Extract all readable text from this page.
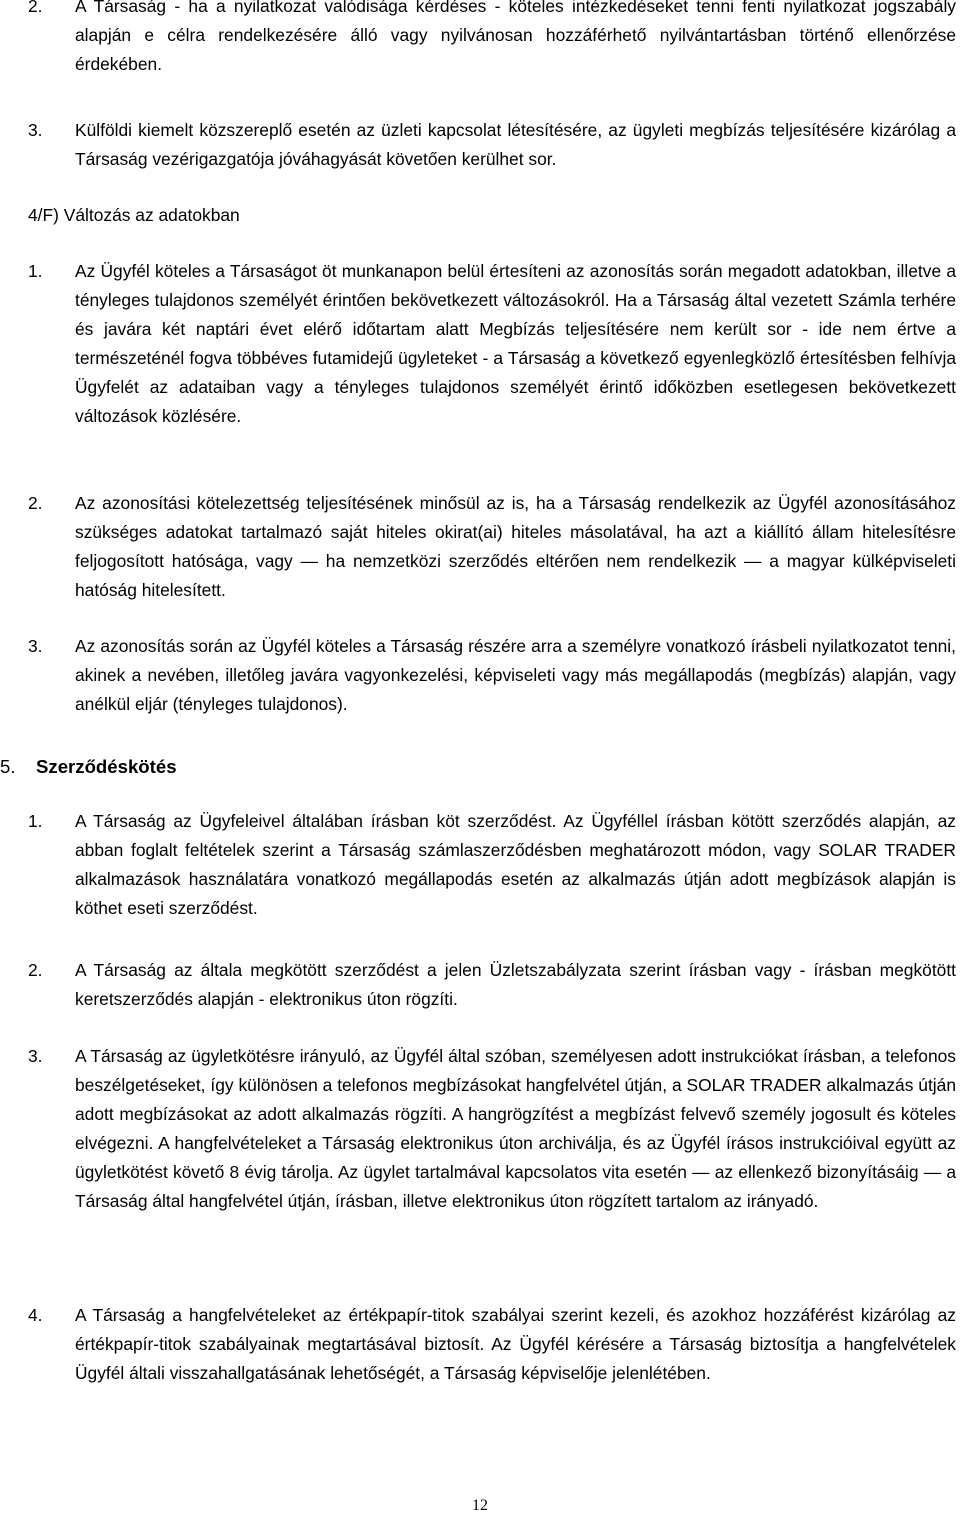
2. A Társaság - ha a nyilatkozat valódisága kérdéses - köteles intézkedéseket tenni fenti nyilatkozat jogszabály alapján e célra rendelkezésére álló vagy nyilvánosan hozzáférhető nyilvántartásban történő ellenőrzése érdekében.
3. Külföldi kiemelt közszereplő esetén az üzleti kapcsolat létesítésére, az ügyleti megbízás teljesítésére kizárólag a Társaság vezérigazgatója jóváhagyását követően kerülhet sor.
4/F) Változás az adatokban
1. Az Ügyfél köteles a Társaságot öt munkanapon belül értesíteni az azonosítás során megadott adatokban, illetve a tényleges tulajdonos személyét érintően bekövetkezett változásokról. Ha a Társaság által vezetett Számla terhére és javára két naptári évet elérő időtartam alatt Megbízás teljesítésére nem került sor - ide nem értve a természeténél fogva többéves futamidejű ügyleteket - a Társaság a következő egyenlegközlő értesítésben felhívja Ügyfelét az adataiban vagy a tényleges tulajdonos személyét érintő időközben esetlegesen bekövetkezett változások közlésére.
2. Az azonosítási kötelezettség teljesítésének minősül az is, ha a Társaság rendelkezik az Ügyfél azonosításához szükséges adatokat tartalmazó saját hiteles okirat(ai) hiteles másolatával, ha azt a kiállító állam hitelesítésre feljogosított hatósága, vagy — ha nemzetközi szerződés eltérően nem rendelkezik — a magyar külképviseleti hatóság hitelesített.
3. Az azonosítás során az Ügyfél köteles a Társaság részére arra a személyre vonatkozó írásbeli nyilatkozatot tenni, akinek a nevében, illetőleg javára vagyonkezelési, képviseleti vagy más megállapodás (megbízás) alapján, vagy anélkül eljár (tényleges tulajdonos).
5. Szerződéskötés
1. A Társaság az Ügyfeleivel általában írásban köt szerződést. Az Ügyféllel írásban kötött szerződés alapján, az abban foglalt feltételek szerint a Társaság számlaszerződésben meghatározott módon, vagy SOLAR TRADER alkalmazások használatára vonatkozó megállapodás esetén az alkalmazás útján adott megbízások alapján is köthet eseti szerződést.
2. A Társaság az általa megkötött szerződést a jelen Üzletszabályzata szerint írásban vagy - írásban megkötött keretszerződés alapján - elektronikus úton rögzíti.
3. A Társaság az ügyletkötésre irányuló, az Ügyfél által szóban, személyesen adott instrukciókat írásban, a telefonos beszélgetéseket, így különösen a telefonos megbízásokat hangfelvétel útján, a SOLAR TRADER alkalmazás útján adott megbízásokat az adott alkalmazás rögzíti. A hangrögzítést a megbízást felvevő személy jogosult és köteles elvégezni. A hangfelvételeket a Társaság elektronikus úton archiválja, és az Ügyfél írásos instrukcióival együtt az ügyletkötést követő 8 évig tárolja. Az ügylet tartalmával kapcsolatos vita esetén — az ellenkező bizonyításáig — a Társaság által hangfelvétel útján, írásban, illetve elektronikus úton rögzített tartalom az irányadó.
4. A Társaság a hangfelvételeket az értékpapír-titok szabályai szerint kezeli, és azokhoz hozzáférést kizárólag az értékpapír-titok szabályainak megtartásával biztosít. Az Ügyfél kérésére a Társaság biztosítja a hangfelvételek Ügyfél általi visszahallgatásának lehetőségét, a Társaság képviselője jelenlétében.
12
